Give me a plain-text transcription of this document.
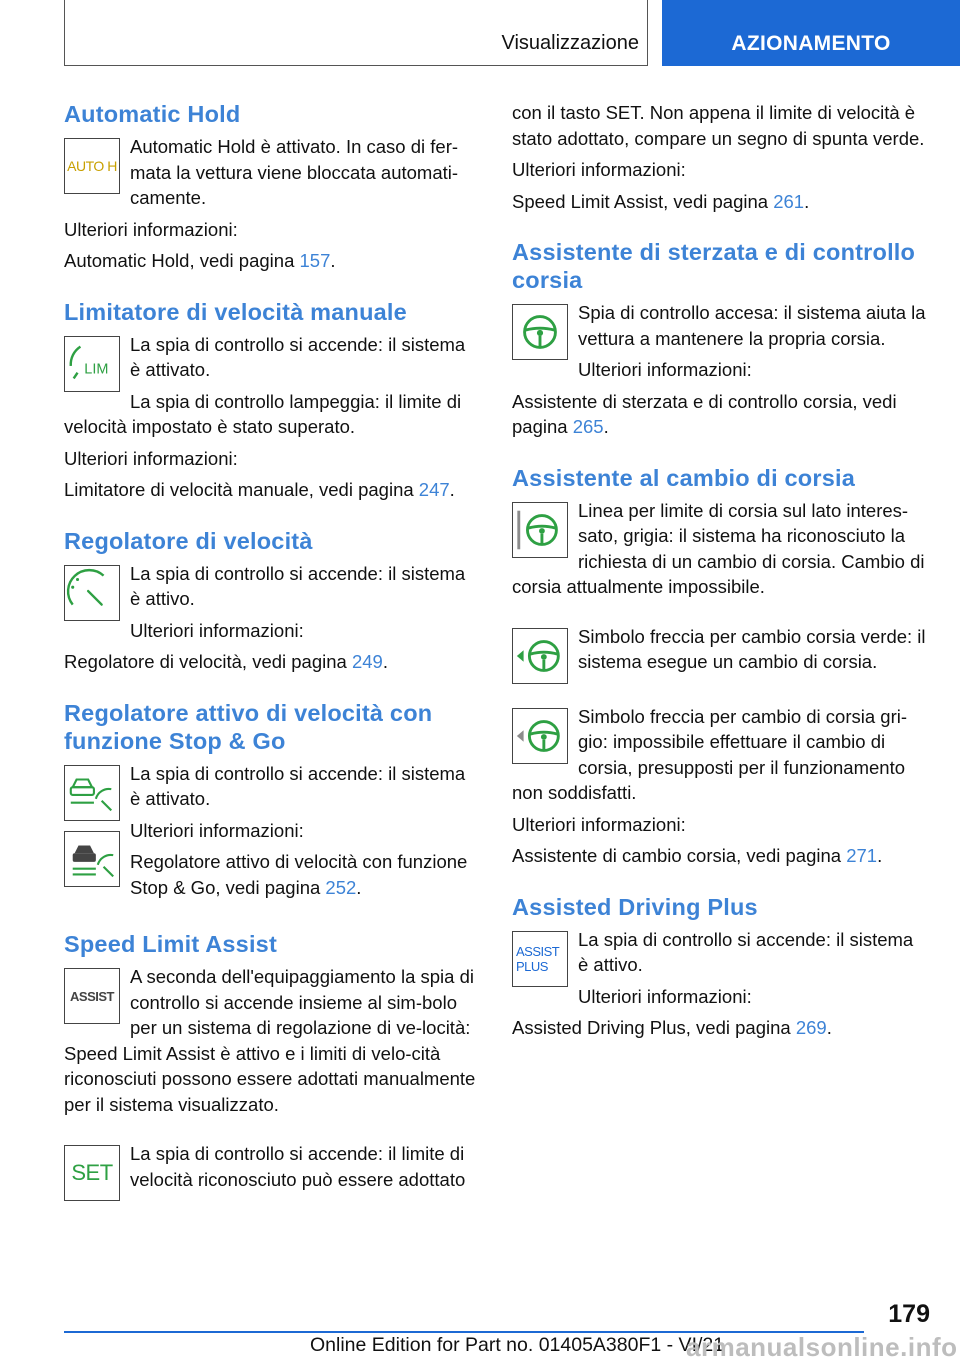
Visualizzazione	AZIONAMENTO
Automatic Hold
AUTO H

Automatic Hold è attivato. In caso di fer-mata la vettura viene bloccata automati-camente.

Ulteriori informazioni:

Automatic Hold, vedi pagina 157.

Limitatore di velocità manuale
LIM

La spia di controllo si accende: il sistema è attivato.

La spia di controllo lampeggia: il limite di velocità impostato è stato superato.

Ulteriori informazioni:

Limitatore di velocità manuale, vedi pagina 247.

Regolatore di velocità

La spia di controllo si accende: il sistema è attivo.

Ulteriori informazioni:

Regolatore di velocità, vedi pagina 249.

Regolatore attivo di velocità con funzione Stop & Go

La spia di controllo si accende: il sistema è attivato.

Ulteriori informazioni:

Regolatore attivo di velocità con funzione Stop & Go, vedi pagina 252.

Speed Limit Assist
ASSIST

A seconda dell'equipaggiamento la spia di controllo si accende insieme al sim-bolo per un sistema di regolazione di ve-locità: Speed Limit Assist è attivo e i limiti di velo-cità riconosciuti possono essere adottati manualmente per il sistema visualizzato.

SET

La spia di controllo si accende: il limite di velocità riconosciuto può essere adottato

con il tasto SET. Non appena il limite di velocità è stato adottato, compare un segno di spunta verde.

Ulteriori informazioni:

Speed Limit Assist, vedi pagina 261.

Assistente di sterzata e di controllo corsia

Spia di controllo accesa: il sistema aiuta la vettura a mantenere la propria corsia.

Ulteriori informazioni:

Assistente di sterzata e di controllo corsia, vedi pagina 265.

Assistente al cambio di corsia

Linea per limite di corsia sul lato interes-sato, grigia: il sistema ha riconosciuto la richiesta di un cambio di corsia. Cambio di corsia attualmente impossibile.

Simbolo freccia per cambio corsia verde: il sistema esegue un cambio di corsia.

Simbolo freccia per cambio di corsia gri-gio: impossibile effettuare il cambio di corsia, presupposti per il funzionamento non soddisfatti.

Ulteriori informazioni:

Assistente di cambio corsia, vedi pagina 271.

Assisted Driving Plus
ASSIST
PLUS

La spia di controllo si accende: il sistema è attivo.

Ulteriori informazioni:

Assisted Driving Plus, vedi pagina 269.

179
Online Edition for Part no. 01405A380F1 - VI/21
armanualsonline.info
